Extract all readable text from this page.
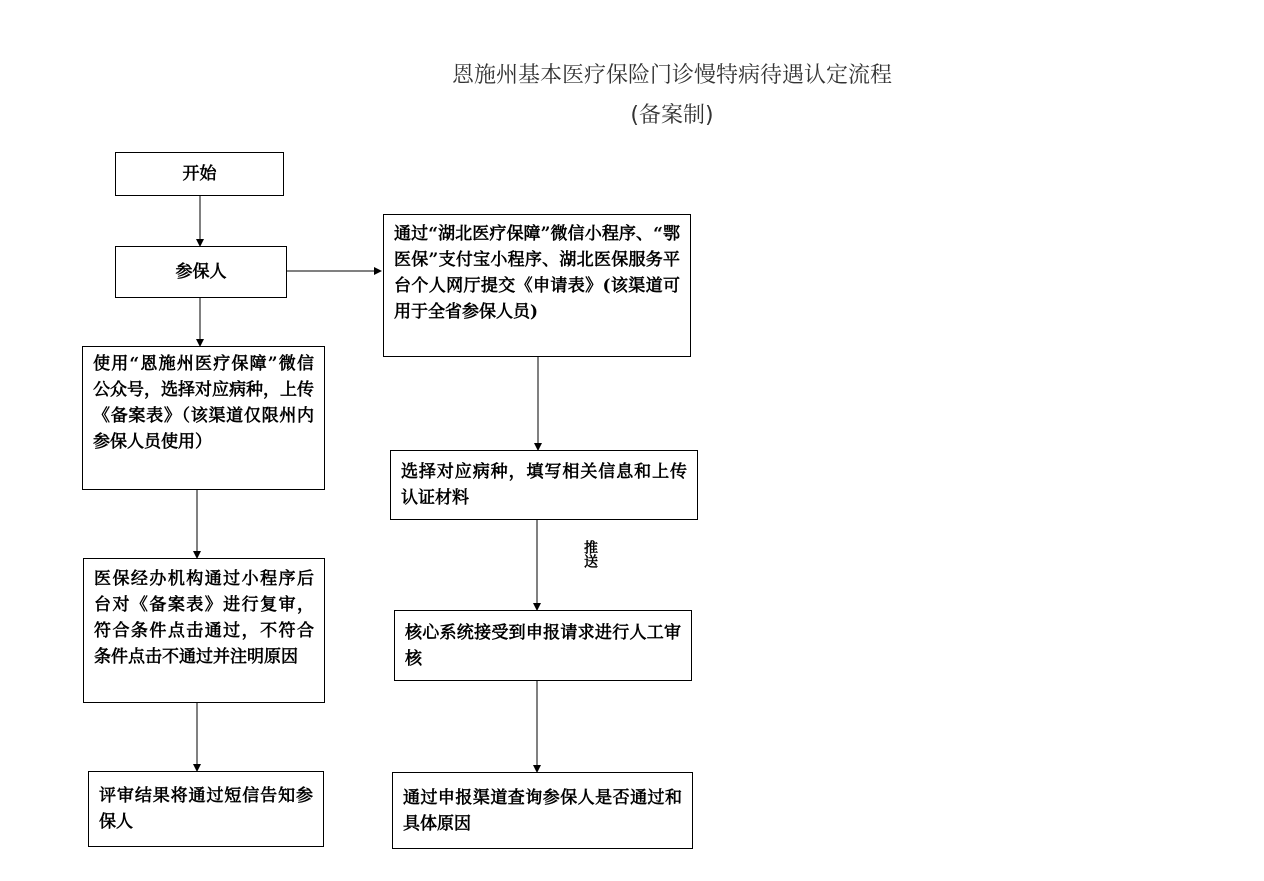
恩施州基本医疗保险门诊慢特病待遇认定流程
(备案制)
推送
开始
参保人
使用“恩施州医疗保障”微信公众号，选择对应病种，上传《备案表》（该渠道仅限州内参保人员使用）
医保经办机构通过小程序后台对《备案表》进行复审，符合条件点击通过，不符合条件点击不通过并注明原因
评审结果将通过短信告知参保人
通过“湖北医疗保障”微信小程序、“鄂医保”支付宝小程序、湖北医保服务平台个人网厅提交《申请表》(该渠道可用于全省参保人员)
选择对应病种，填写相关信息和上传认证材料
核心系统接受到申报请求进行人工审核
通过申报渠道查询参保人是否通过和具体原因
